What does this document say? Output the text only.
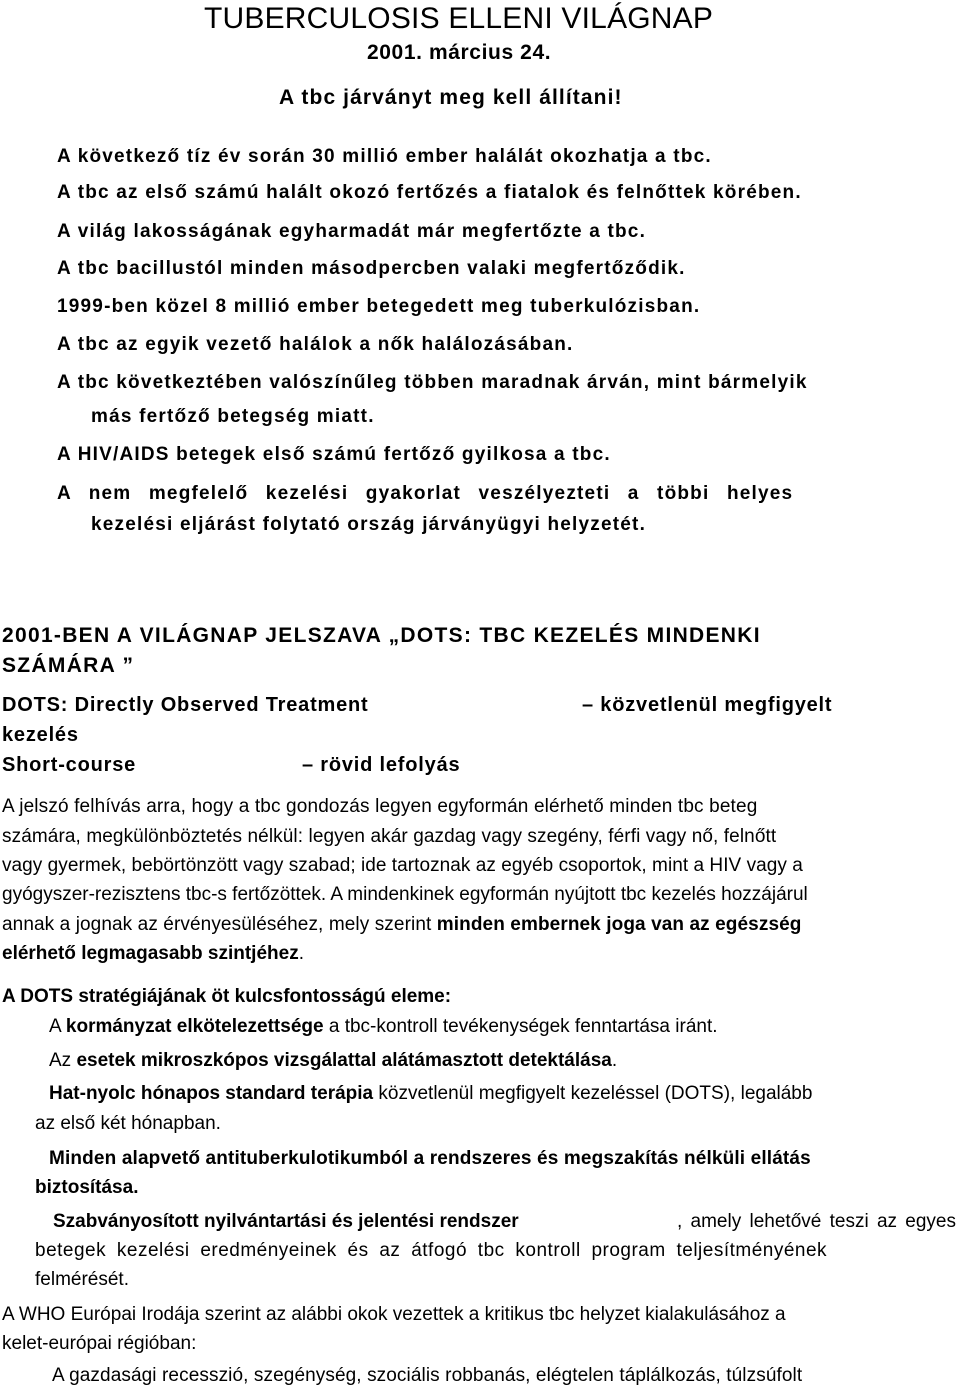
TUBERCULOSIS ELLENI VILÁGNAP
2001. március 24.
A tbc járványt meg kell állítani!
A következő tíz év során 30 millió ember halálát okozhatja a tbc.
A tbc az első számú halált okozó fertőzés a fiatalok és felnőttek körében.
A világ lakosságának egyharmadát már megfertőzte a tbc.
A tbc bacillustól minden másodpercben valaki megfertőződik.
1999-ben közel 8 millió ember betegedett meg tuberkulózisban.
A tbc az egyik vezető halálok a nők halálozásában.
A tbc következtében valószínűleg többen maradnak árván, mint bármelyik
más fertőző betegség miatt.
A HIV/AIDS betegek első számú fertőző gyilkosa a tbc.
A nem megfelelő kezelési gyakorlat veszélyezteti a többi helyes
kezelési eljárást folytató ország járványügyi helyzetét.
2001-BEN A VILÁGNAP JELSZAVA „DOTS: TBC KEZELÉS MINDENKI
SZÁMÁRA ”
DOTS: Directly Observed Treatment	– közvetlenül megfigyelt
kezelés
Short-course	– rövid lefolyás
A jelszó felhívás arra, hogy a tbc gondozás legyen egyformán elérhető minden tbc beteg
számára, megkülönböztetés nélkül: legyen akár gazdag vagy szegény, férfi vagy nő, felnőtt
vagy gyermek, bebörtönzött vagy szabad; ide tartoznak az egyéb csoportok, mint a HIV vagy a
gyógyszer-rezisztens tbc-s fertőzöttek. A mindenkinek egyformán nyújtott tbc kezelés hozzájárul
annak a jognak az érvényesüléséhez, mely szerint minden embernek joga van az egészség
elérhető legmagasabb szintjéhez.
A DOTS stratégiájának öt kulcsfontosságú eleme:
A kormányzat elkötelezettsége a tbc-kontroll tevékenységek fenntartása iránt.
Az esetek mikroszkópos vizsgálattal alátámasztott detektálása.
Hat-nyolc hónapos standard terápia közvetlenül megfigyelt kezeléssel (DOTS), legalább
az első két hónapban.
Minden alapvető antituberkulotikumból a rendszeres és megszakítás nélküli ellátás
biztosítása.
Szabványosított nyilvántartási és jelentési rendszer	, amely lehetővé teszi az egyes
betegek kezelési eredményeinek és az átfogó tbc kontroll program teljesítményének
felmérését.
A WHO Európai Irodája szerint az alábbi okok vezettek a kritikus tbc helyzet kialakulásához a
kelet-európai régióban:
A gazdasági recesszió, szegénység, szociális robbanás, elégtelen táplálkozás, túlzsúfolt
